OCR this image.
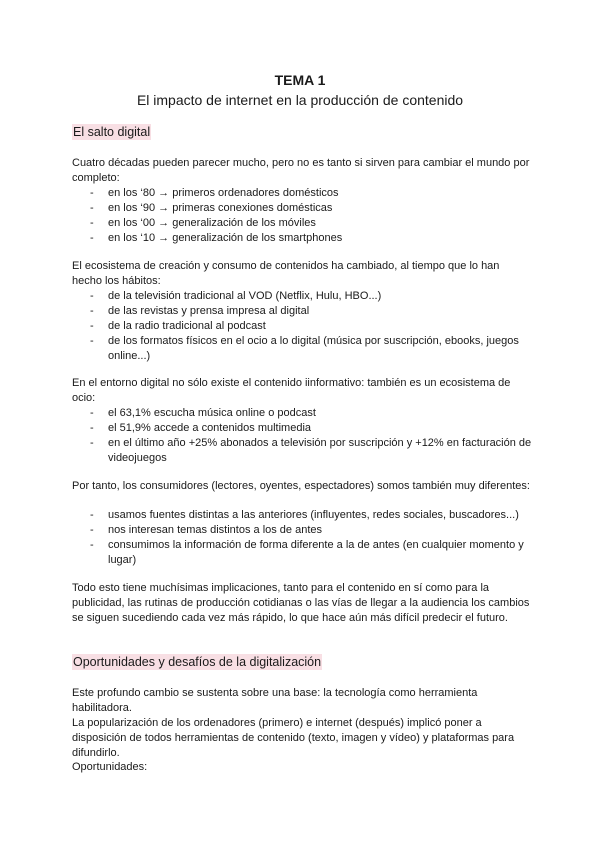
TEMA 1
El impacto de internet en la producción de contenido
El salto digital
Cuatro décadas pueden parecer mucho, pero no es tanto si sirven para cambiar el mundo por completo:
- en los ‘80 → primeros ordenadores domésticos
- en los ‘90 → primeras conexiones domésticas
- en los ‘00 → generalización de los móviles
- en los ‘10 → generalización de los smartphones
El ecosistema de creación y consumo de contenidos ha cambiado, al tiempo que lo han hecho los hábitos:
- de la televisión tradicional al VOD (Netflix, Hulu, HBO...)
- de las revistas y prensa impresa al digital
- de la radio tradicional al podcast
- de los formatos físicos en el ocio a lo digital (música por suscripción, ebooks, juegos online...)
En el entorno digital no sólo existe el contenido iinformativo: también es un ecosistema de ocio:
- el 63,1% escucha música online o podcast
- el 51,9% accede a contenidos multimedia
- en el último año +25% abonados a televisión por suscripción y +12% en facturación de videojuegos
Por tanto, los consumidores (lectores, oyentes, espectadores) somos también muy diferentes:
- usamos fuentes distintas a las anteriores (influyentes, redes sociales, buscadores...)
- nos interesan temas distintos a los de antes
- consumimos la información de forma diferente a la de antes (en cualquier momento y lugar)
Todo esto tiene muchísimas implicaciones, tanto para el contenido en sí como para la publicidad, las rutinas de producción cotidianas o las vías de llegar a la audiencia los cambios se siguen sucediendo cada vez más rápido, lo que hace aún más difícil predecir el futuro.
Oportunidades y desafíos de la digitalización
Este profundo cambio se sustenta sobre una base: la tecnología como herramienta habilitadora.
La popularización de los ordenadores (primero) e internet (después) implicó poner a disposición de todos herramientas de contenido (texto, imagen y vídeo) y plataformas para difundirlo.
Oportunidades:
